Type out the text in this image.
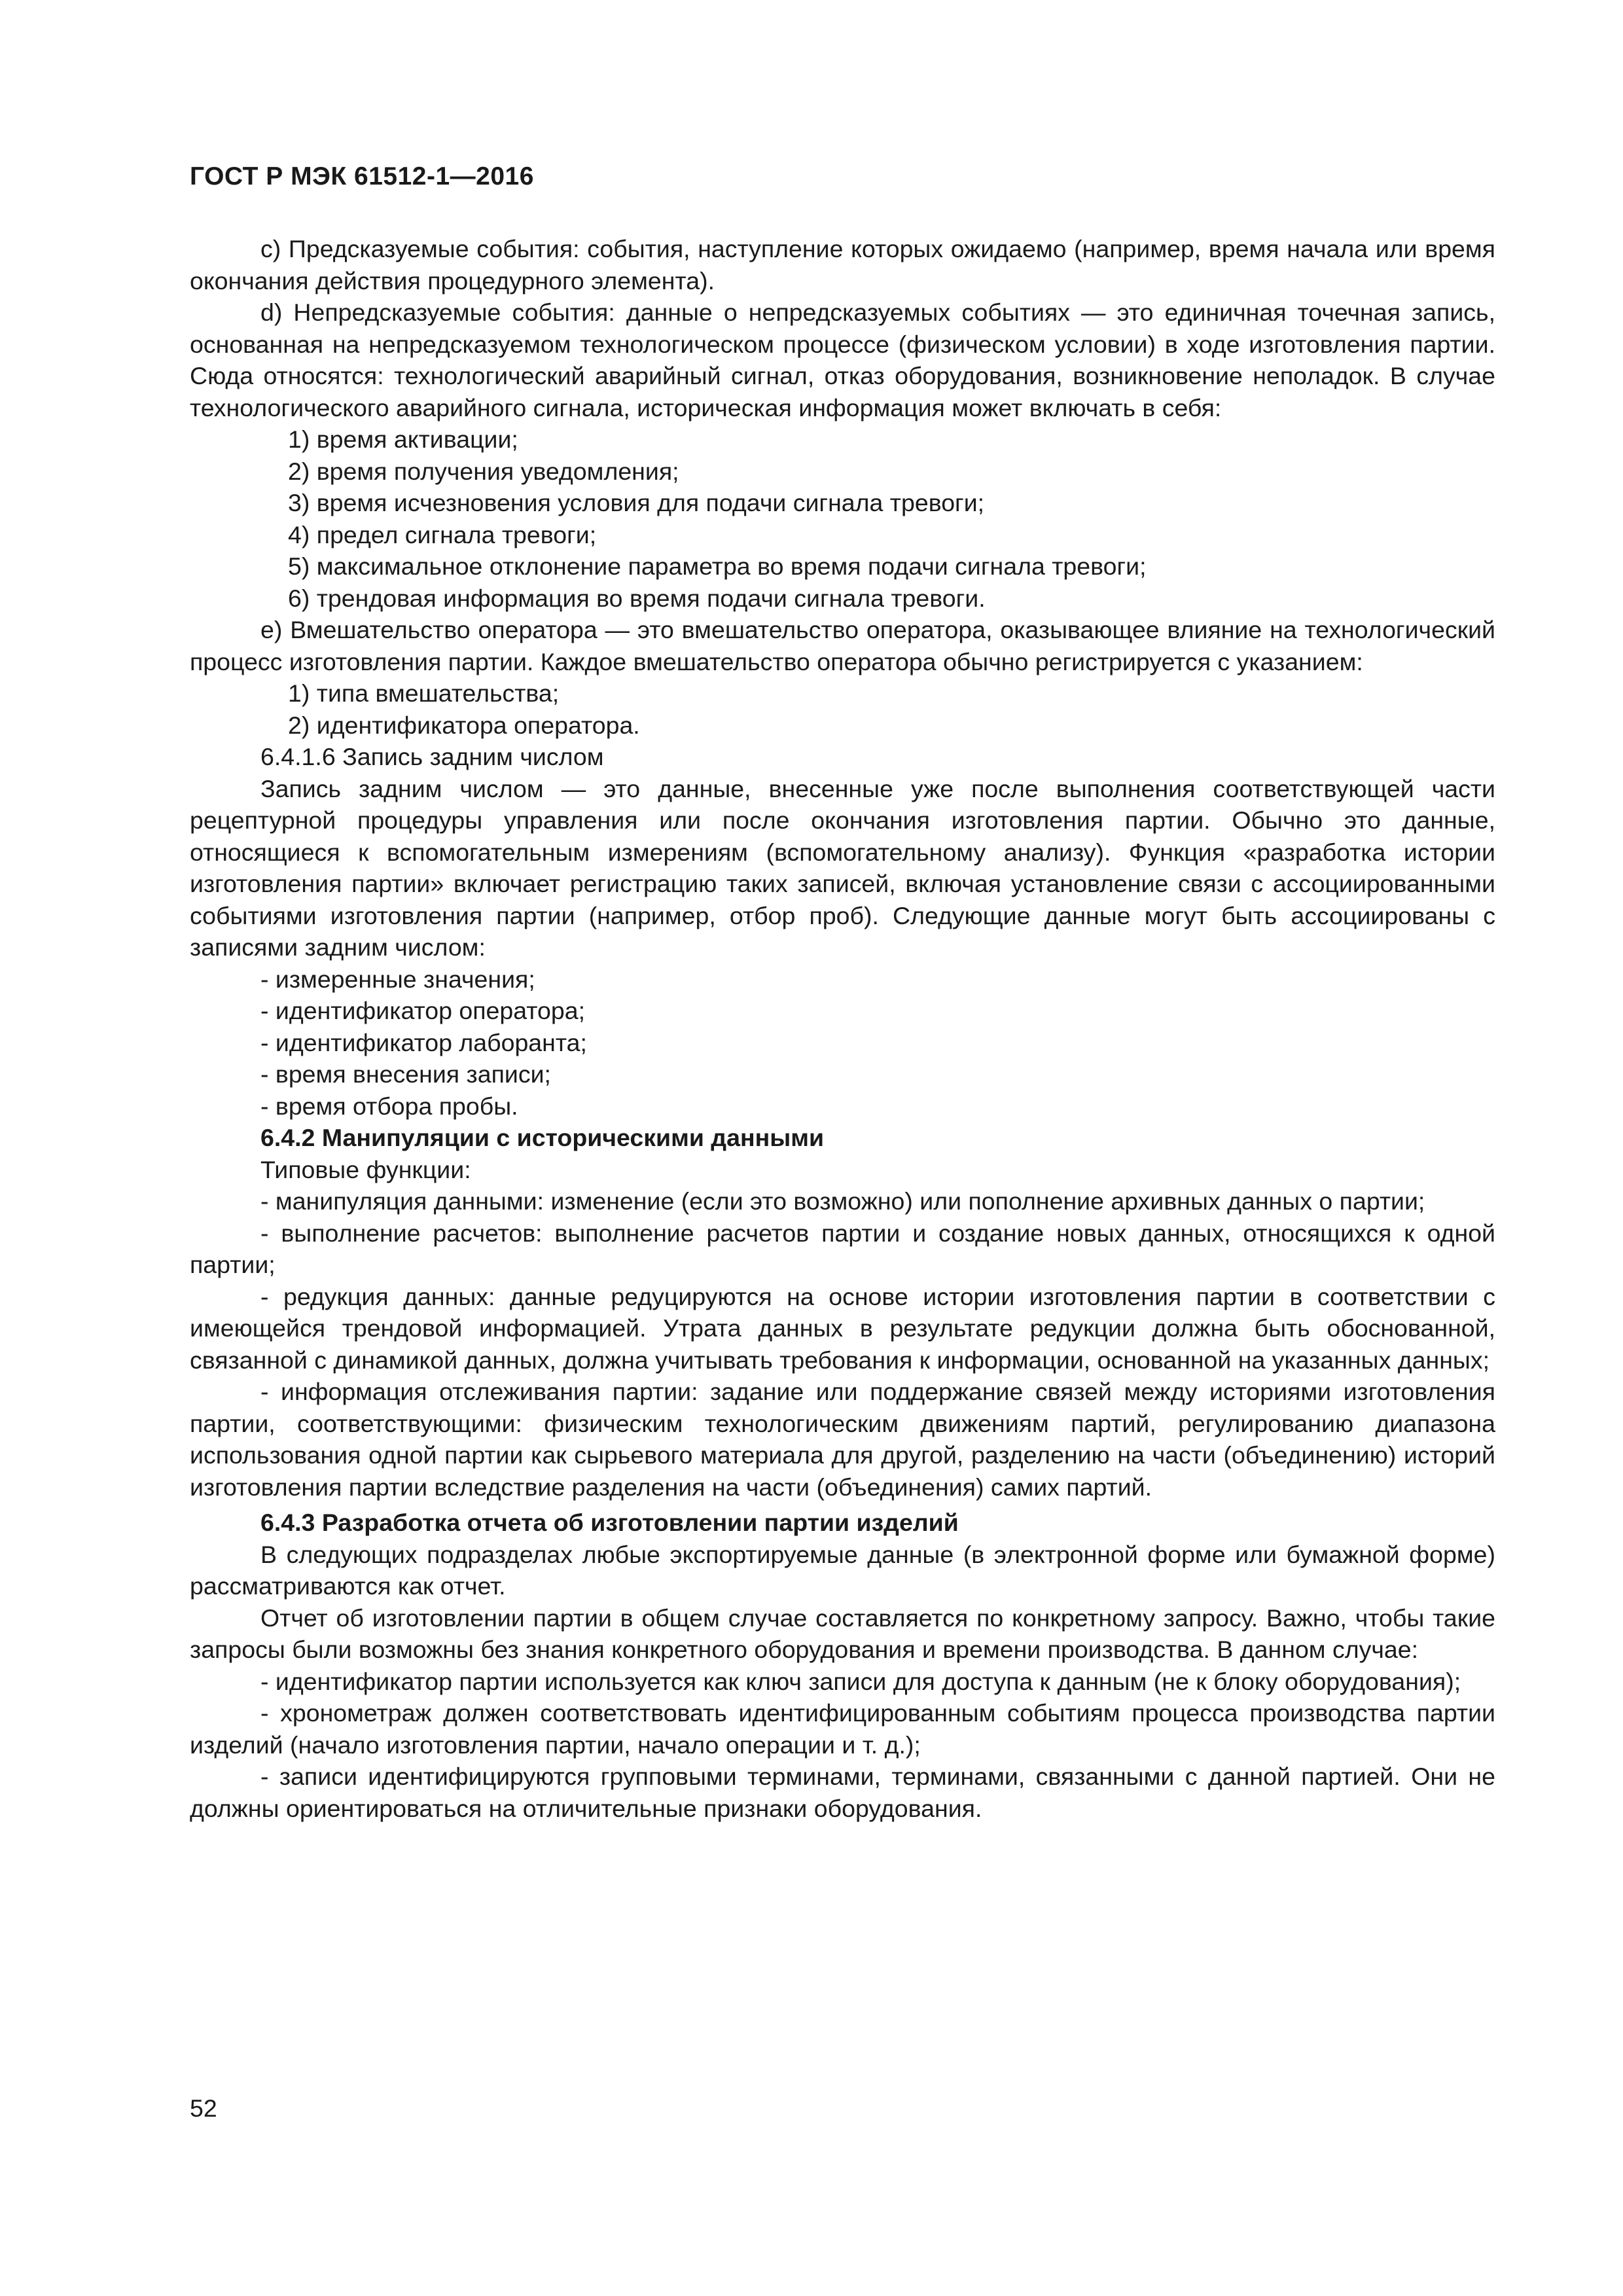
ГОСТ Р МЭК 61512-1—2016

c) Предсказуемые события: события, наступление которых ожидаемо (например, время начала или время окончания действия процедурного элемента).

d) Непредсказуемые события: данные о непредсказуемых событиях — это единичная точечная запись, основанная на непредсказуемом технологическом процессе (физическом условии) в ходе изготовления партии. Сюда относятся: технологический аварийный сигнал, отказ оборудования, возникновение неполадок. В случае технологического аварийного сигнала, историческая информация может включать в себя:

1) время активации;

2) время получения уведомления;

3) время исчезновения условия для подачи сигнала тревоги;

4) предел сигнала тревоги;

5) максимальное отклонение параметра во время подачи сигнала тревоги;

6) трендовая информация во время подачи сигнала тревоги.

e) Вмешательство оператора — это вмешательство оператора, оказывающее влияние на технологический процесс изготовления партии. Каждое вмешательство оператора обычно регистрируется с указанием:

1) типа вмешательства;

2) идентификатора оператора.

6.4.1.6 Запись задним числом

Запись задним числом — это данные, внесенные уже после выполнения соответствующей части рецептурной процедуры управления или после окончания изготовления партии. Обычно это данные, относящиеся к вспомогательным измерениям (вспомогательному анализу). Функция «разработка истории изготовления партии» включает регистрацию таких записей, включая установление связи с ассоциированными событиями изготовления партии (например, отбор проб). Следующие данные могут быть ассоциированы с записями задним числом:

- измеренные значения;

- идентификатор оператора;

- идентификатор лаборанта;

- время внесения записи;

- время отбора пробы.

6.4.2 Манипуляции с историческими данными

Типовые функции:

- манипуляция данными: изменение (если это возможно) или пополнение архивных данных о партии;

- выполнение расчетов: выполнение расчетов партии и создание новых данных, относящихся к одной партии;

- редукция данных: данные редуцируются на основе истории изготовления партии в соответствии с имеющейся трендовой информацией. Утрата данных в результате редукции должна быть обоснованной, связанной с динамикой данных, должна учитывать требования к информации, основанной на указанных данных;

- информация отслеживания партии: задание или поддержание связей между историями изготовления партии, соответствующими: физическим технологическим движениям партий, регулированию диапазона использования одной партии как сырьевого материала для другой, разделению на части (объединению) историй изготовления партии вследствие разделения на части (объединения) самих партий.

6.4.3 Разработка отчета об изготовлении партии изделий

В следующих подразделах любые экспортируемые данные (в электронной форме или бумажной форме) рассматриваются как отчет.

Отчет об изготовлении партии в общем случае составляется по конкретному запросу. Важно, чтобы такие запросы были возможны без знания конкретного оборудования и времени производства. В данном случае:

- идентификатор партии используется как ключ записи для доступа к данным (не к блоку оборудования);

- хронометраж должен соответствовать идентифицированным событиям процесса производства партии изделий (начало изготовления партии, начало операции и т. д.);

- записи идентифицируются групповыми терминами, терминами, связанными с данной партией. Они не должны ориентироваться на отличительные признаки оборудования.

52
